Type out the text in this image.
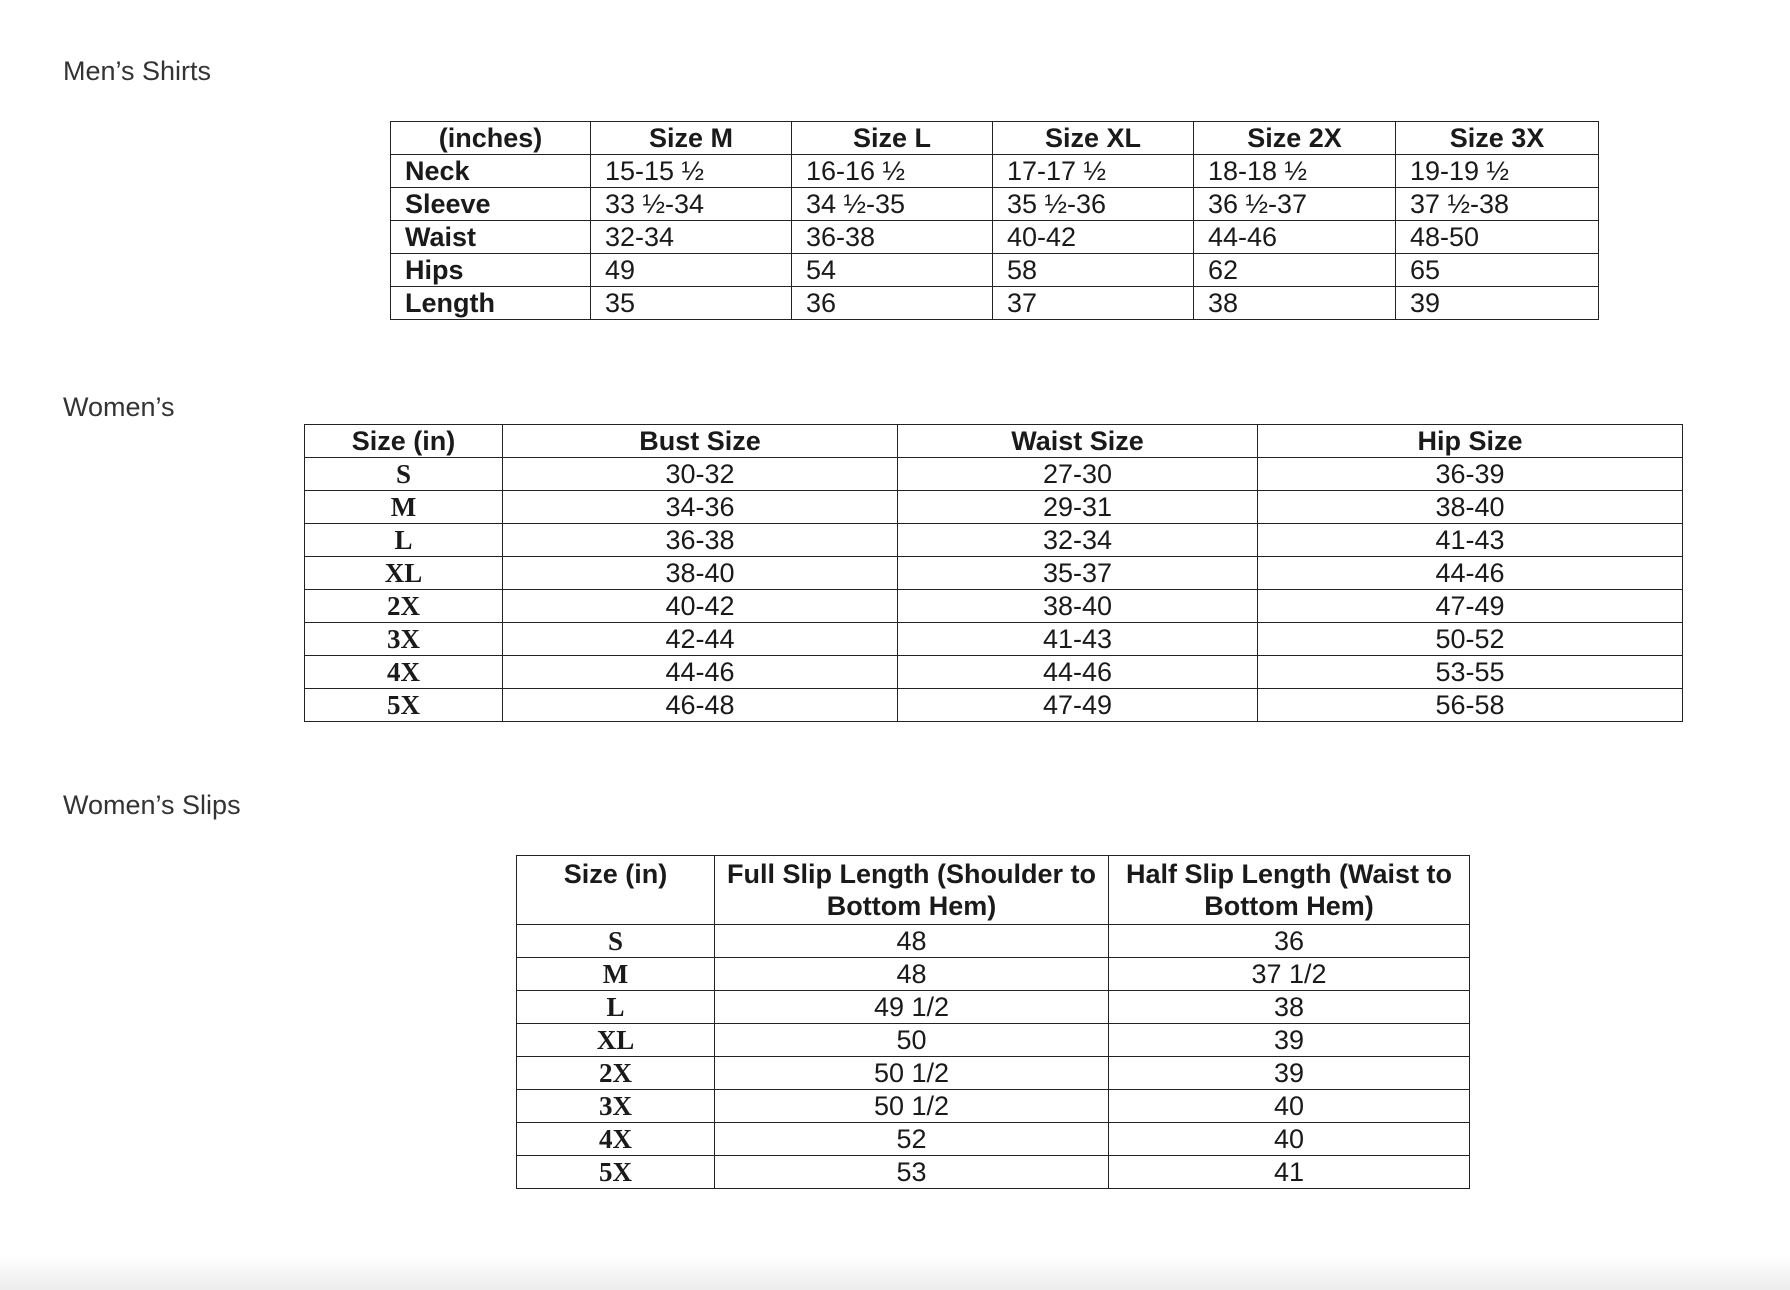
Men’s Shirts
(inches)	Size M	Size L	Size XL	Size 2X	Size 3X
Neck	15-15 ½	16-16 ½	17-17 ½	18-18 ½	19-19 ½
Sleeve	33 ½-34	34 ½-35	35 ½-36	36 ½-37	37 ½-38
Waist	32-34	36-38	40-42	44-46	48-50
Hips	49	54	58	62	65
Length	35	36	37	38	39
Women’s
Size (in)	Bust Size	Waist Size	Hip Size
S	30-32	27-30	36-39
M	34-36	29-31	38-40
L	36-38	32-34	41-43
XL	38-40	35-37	44-46
2X	40-42	38-40	47-49
3X	42-44	41-43	50-52
4X	44-46	44-46	53-55
5X	46-48	47-49	56-58
Women’s Slips
Size (in)	Full Slip Length (Shoulder to Bottom Hem)	Half Slip Length (Waist to Bottom Hem)
S	48	36
M	48	37 1/2
L	49 1/2	38
XL	50	39
2X	50 1/2	39
3X	50 1/2	40
4X	52	40
5X	53	41
